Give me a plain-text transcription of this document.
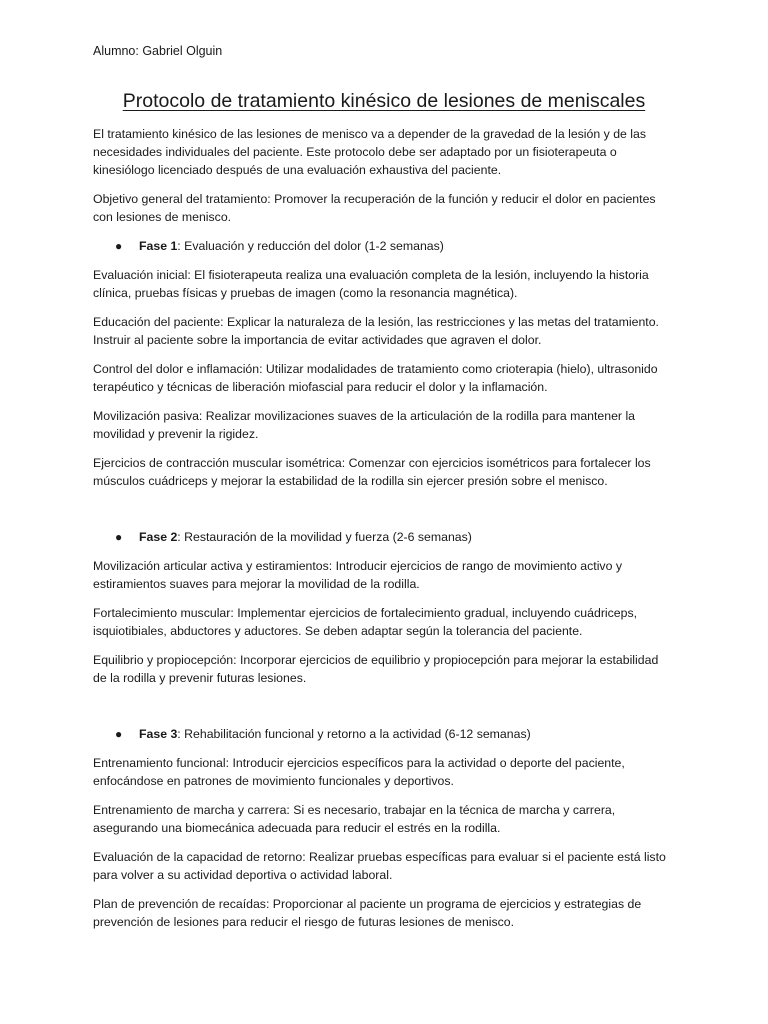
Alumno: Gabriel Olguin
Protocolo de tratamiento kinésico de lesiones de meniscales

El tratamiento kinésico de las lesiones de menisco va a depender de la gravedad de la lesión y de las necesidades individuales del paciente. Este protocolo debe ser adaptado por un fisioterapeuta o kinesiólogo licenciado después de una evaluación exhaustiva del paciente.

Objetivo general del tratamiento: Promover la recuperación de la función y reducir el dolor en pacientes con lesiones de menisco.

● Fase 1: Evaluación y reducción del dolor (1-2 semanas)

Evaluación inicial: El fisioterapeuta realiza una evaluación completa de la lesión, incluyendo la historia clínica, pruebas físicas y pruebas de imagen (como la resonancia magnética).

Educación del paciente: Explicar la naturaleza de la lesión, las restricciones y las metas del tratamiento. Instruir al paciente sobre la importancia de evitar actividades que agraven el dolor.

Control del dolor e inflamación: Utilizar modalidades de tratamiento como crioterapia (hielo), ultrasonido terapéutico y técnicas de liberación miofascial para reducir el dolor y la inflamación.

Movilización pasiva: Realizar movilizaciones suaves de la articulación de la rodilla para mantener la movilidad y prevenir la rigidez.

Ejercicios de contracción muscular isométrica: Comenzar con ejercicios isométricos para fortalecer los músculos cuádriceps y mejorar la estabilidad de la rodilla sin ejercer presión sobre el menisco.

● Fase 2: Restauración de la movilidad y fuerza (2-6 semanas)

Movilización articular activa y estiramientos: Introducir ejercicios de rango de movimiento activo y estiramientos suaves para mejorar la movilidad de la rodilla.

Fortalecimiento muscular: Implementar ejercicios de fortalecimiento gradual, incluyendo cuádriceps, isquiotibiales, abductores y aductores. Se deben adaptar según la tolerancia del paciente.

Equilibrio y propiocepción: Incorporar ejercicios de equilibrio y propiocepción para mejorar la estabilidad de la rodilla y prevenir futuras lesiones.

● Fase 3: Rehabilitación funcional y retorno a la actividad (6-12 semanas)

Entrenamiento funcional: Introducir ejercicios específicos para la actividad o deporte del paciente, enfocándose en patrones de movimiento funcionales y deportivos.

Entrenamiento de marcha y carrera: Si es necesario, trabajar en la técnica de marcha y carrera, asegurando una biomecánica adecuada para reducir el estrés en la rodilla.

Evaluación de la capacidad de retorno: Realizar pruebas específicas para evaluar si el paciente está listo para volver a su actividad deportiva o actividad laboral.

Plan de prevención de recaídas: Proporcionar al paciente un programa de ejercicios y estrategias de prevención de lesiones para reducir el riesgo de futuras lesiones de menisco.
